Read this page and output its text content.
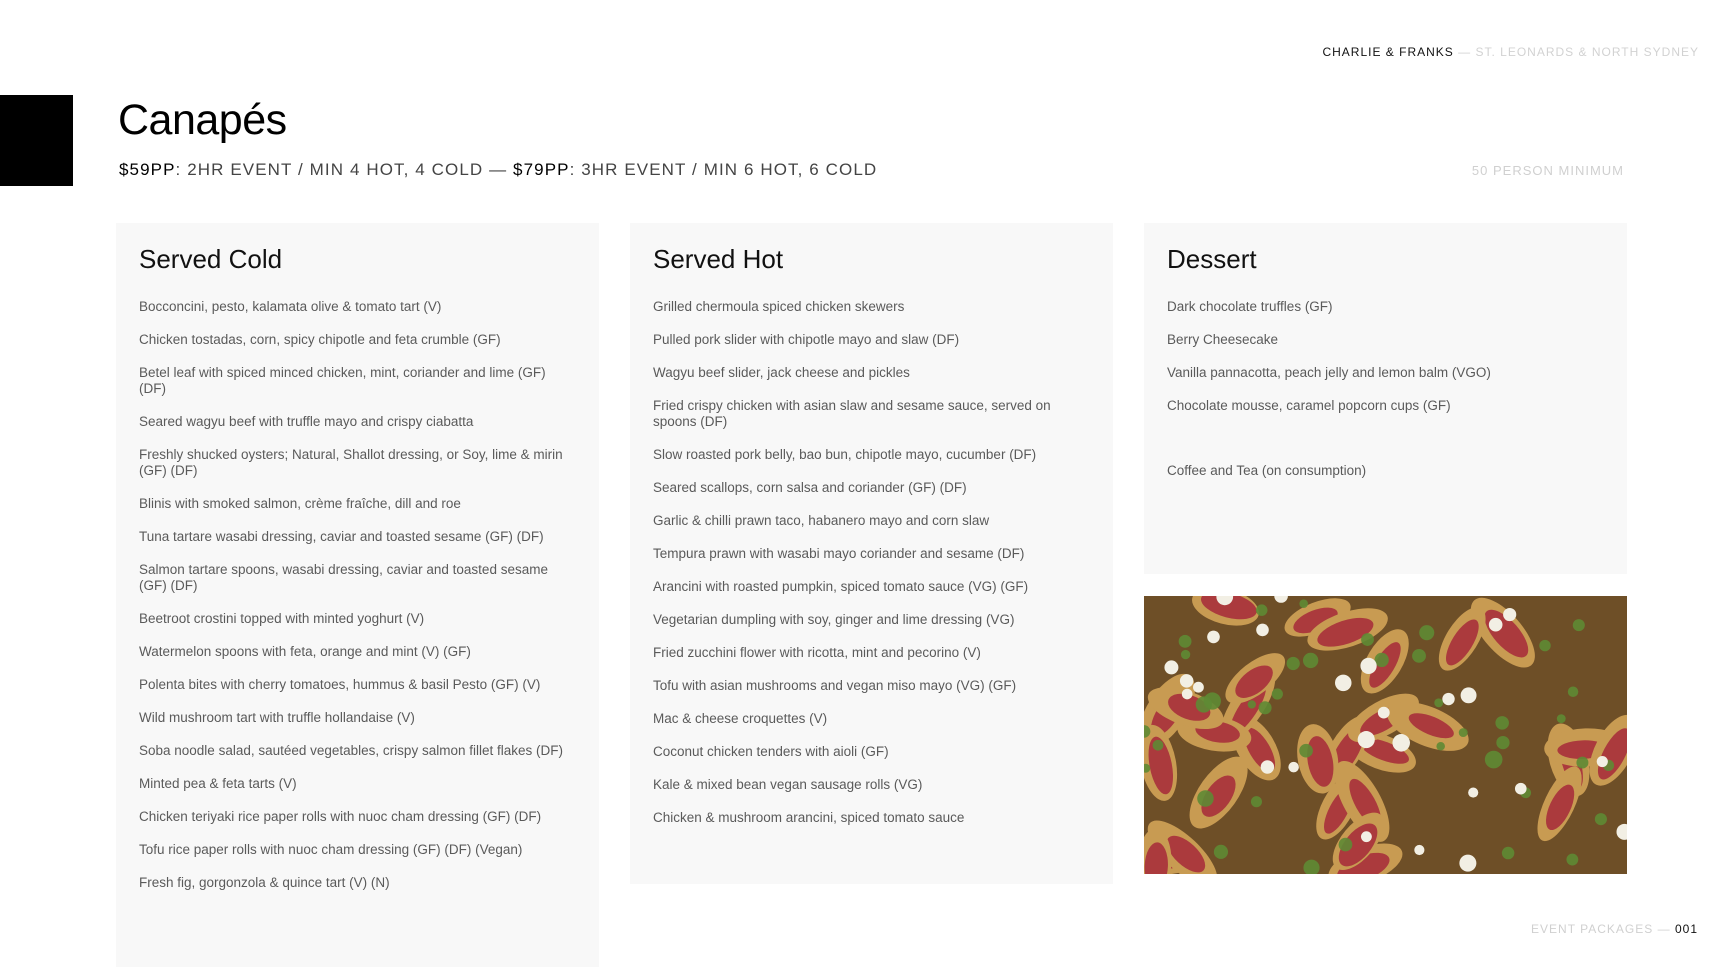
CHARLIE & FRANKS — ST. LEONARDS & NORTH SYDNEY
Canapés
$59PP: 2HR EVENT / MIN 4 HOT, 4 COLD — $79PP: 3HR EVENT / MIN 6 HOT, 6 COLD	50 PERSON MINIMUM
Served Cold
Bocconcini, pesto, kalamata olive & tomato tart (V)
Chicken tostadas, corn, spicy chipotle and feta crumble (GF)
Betel leaf with spiced minced chicken, mint, coriander and lime (GF) (DF)
Seared wagyu beef with truffle mayo and crispy ciabatta
Freshly shucked oysters; Natural, Shallot dressing, or Soy, lime & mirin (GF) (DF)
Blinis with smoked salmon, crème fraîche, dill and roe
Tuna tartare wasabi dressing, caviar and toasted sesame (GF) (DF)
Salmon tartare spoons, wasabi dressing, caviar and toasted sesame (GF) (DF)
Beetroot crostini topped with minted yoghurt (V)
Watermelon spoons with feta, orange and mint (V) (GF)
Polenta bites with cherry tomatoes, hummus & basil Pesto (GF) (V)
Wild mushroom tart with truffle hollandaise (V)
Soba noodle salad, sautéed vegetables, crispy salmon fillet flakes (DF)
Minted pea & feta tarts (V)
Chicken teriyaki rice paper rolls with nuoc cham dressing (GF) (DF)
Tofu rice paper rolls with nuoc cham dressing (GF) (DF) (Vegan)
Fresh fig, gorgonzola & quince tart (V) (N)
Served Hot
Grilled chermoula spiced chicken skewers
Pulled pork slider with chipotle mayo and slaw (DF)
Wagyu beef slider, jack cheese and pickles
Fried crispy chicken with asian slaw and sesame sauce, served on spoons (DF)
Slow roasted pork belly, bao bun, chipotle mayo, cucumber (DF)
Seared scallops, corn salsa and coriander (GF) (DF)
Garlic & chilli prawn taco, habanero mayo and corn slaw
Tempura prawn with wasabi mayo coriander and sesame (DF)
Arancini with roasted pumpkin, spiced tomato sauce (VG) (GF)
Vegetarian dumpling with soy, ginger and lime dressing (VG)
Fried zucchini flower with ricotta, mint and pecorino (V)
Tofu with asian mushrooms and vegan miso mayo (VG) (GF)
Mac & cheese croquettes (V)
Coconut chicken tenders with aioli (GF)
Kale & mixed bean vegan sausage rolls (VG)
Chicken & mushroom arancini, spiced tomato sauce
Dessert
Dark chocolate truffles (GF)
Berry Cheesecake
Vanilla pannacotta, peach jelly and lemon balm (VGO)
Chocolate mousse, caramel popcorn cups (GF)
Coffee and Tea (on consumption)
EVENT PACKAGES — 001
